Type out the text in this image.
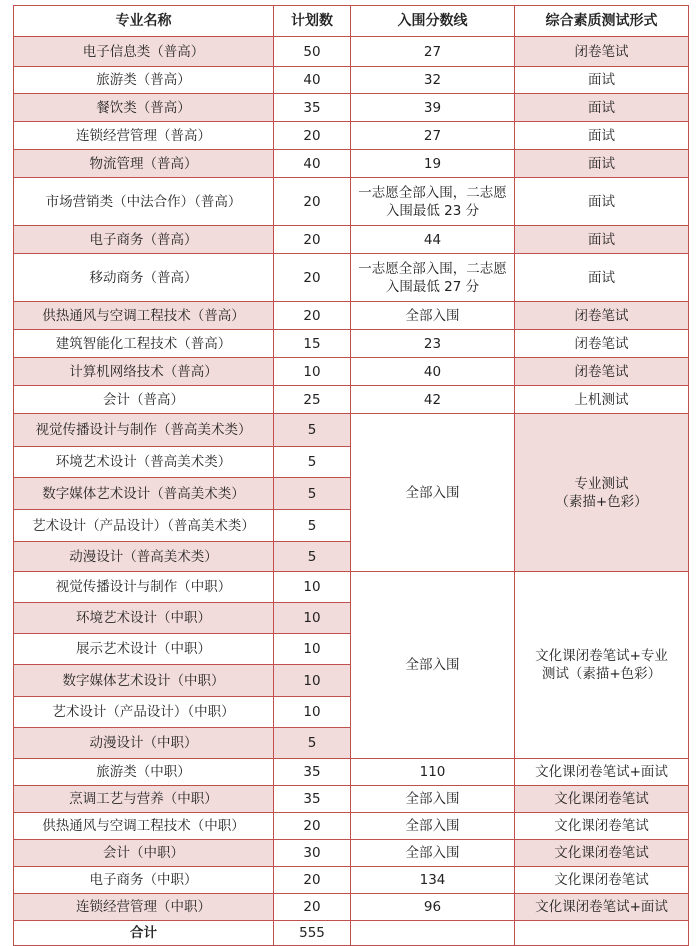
专业名称	计划数	入围分数线	综合素质测试形式
电子信息类（普高）	50	27	闭卷笔试
旅游类（普高）	40	32	面试
餐饮类（普高）	35	39	面试
连锁经营管理（普高）	20	27	面试
物流管理（普高）	40	19	面试
市场营销类（中法合作）（普高）	20	一志愿全部入围，二志愿入围最低 23 分	面试
电子商务（普高）	20	44	面试
移动商务（普高）	20	一志愿全部入围，二志愿入围最低 27 分	面试
供热通风与空调工程技术（普高）	20	全部入围	闭卷笔试
建筑智能化工程技术（普高）	15	23	闭卷笔试
计算机网络技术（普高）	10	40	闭卷笔试
会计（普高）	25	42	上机测试
视觉传播设计与制作（普高美术类）	5	全部入围	专业测试
（素描+色彩）

环境艺术设计（普高美术类）	5		
数字媒体艺术设计（普高美术类）	5		
艺术设计（产品设计）（普高美术类）	5		
动漫设计（普高美术类）	5		
视觉传播设计与制作（中职）	10	全部入围	文化课闭卷笔试+专业
测试（素描+色彩）

环境艺术设计（中职）	10		
展示艺术设计（中职）	10		
数字媒体艺术设计（中职）	10		
艺术设计（产品设计）（中职）	10		
动漫设计（中职）	5		
旅游类（中职）	35	110	文化课闭卷笔试+面试
烹调工艺与营养（中职）	35	全部入围	文化课闭卷笔试
供热通风与空调工程技术（中职）	20	全部入围	文化课闭卷笔试
会计（中职）	30	全部入围	文化课闭卷笔试
电子商务（中职）	20	134	文化课闭卷笔试
连锁经营管理（中职）	20	96	文化课闭卷笔试+面试
合计	555		
